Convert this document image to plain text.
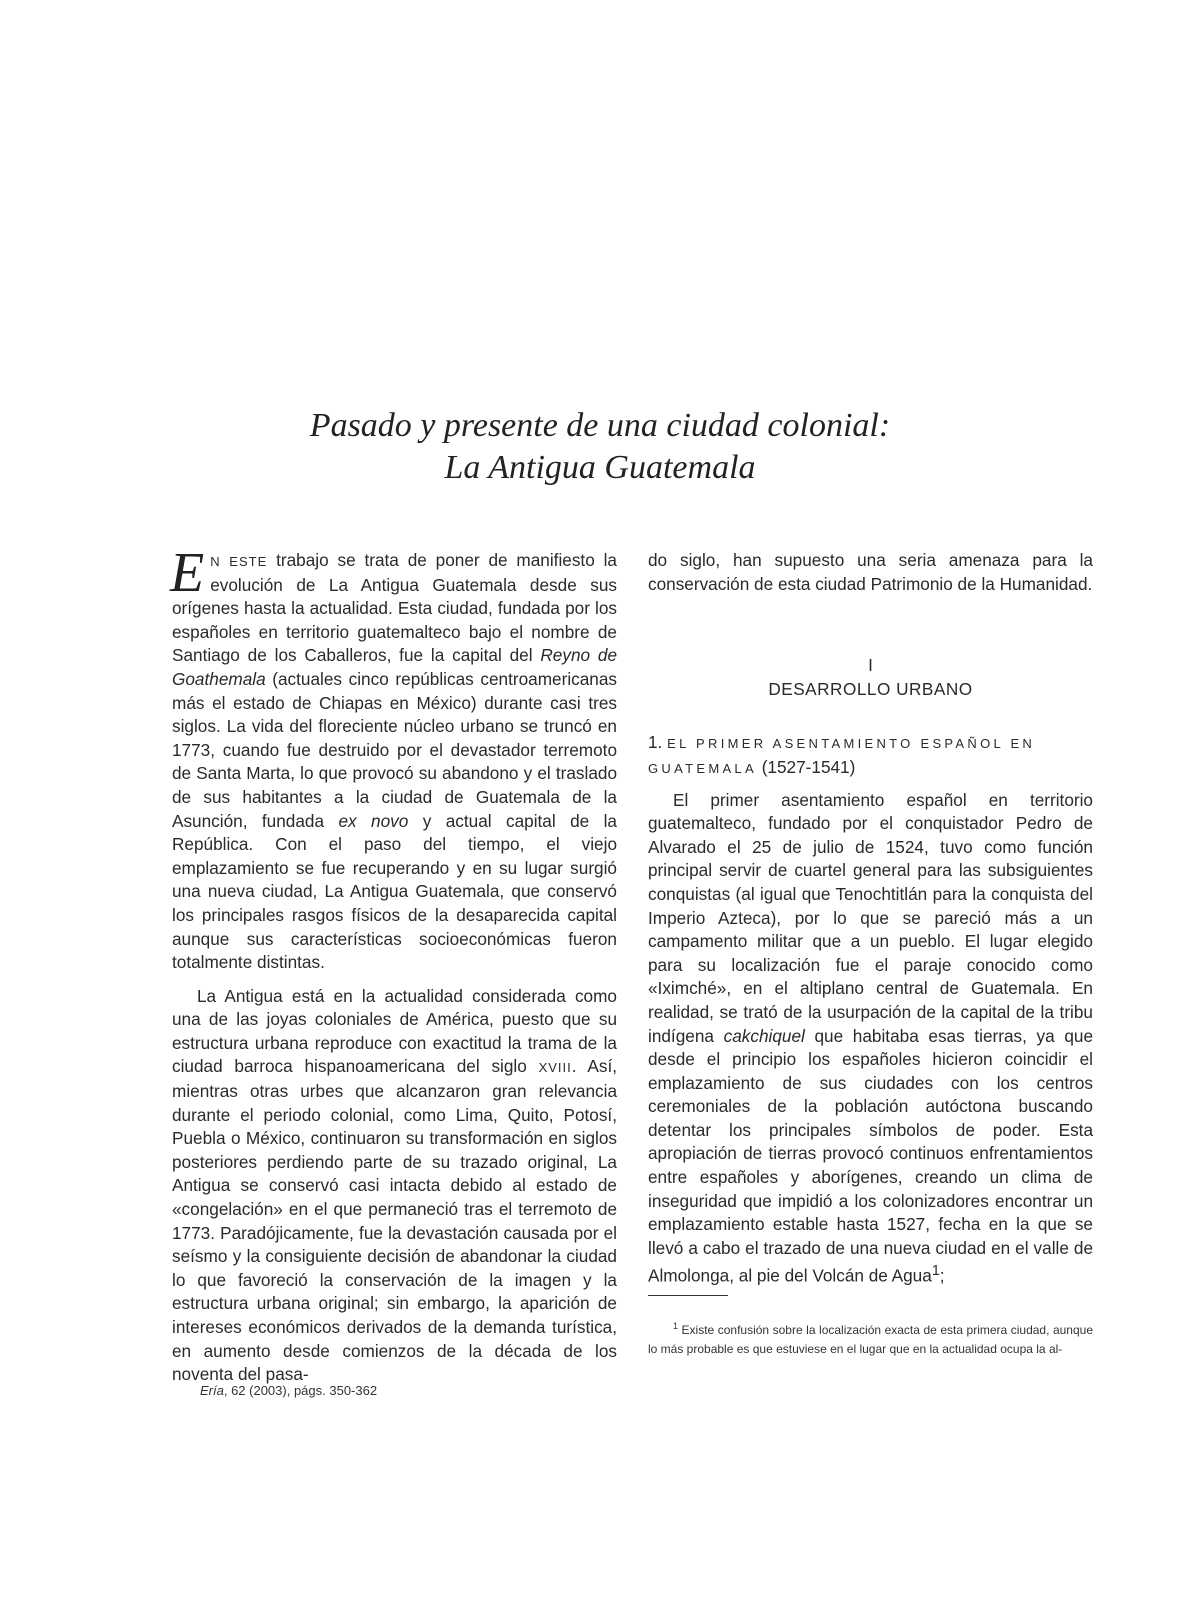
Pasado y presente de una ciudad colonial:
La Antigua Guatemala

EN ESTE trabajo se trata de poner de manifiesto la evolución de La Antigua Guatemala desde sus orígenes hasta la actualidad. Esta ciudad, fundada por los españoles en territorio guatemalteco bajo el nombre de Santiago de los Caballeros, fue la capital del Reyno de Goathemala (actuales cinco repúblicas centroamericanas más el estado de Chiapas en México) durante casi tres siglos. La vida del floreciente núcleo urbano se truncó en 1773, cuando fue destruido por el devastador terremoto de Santa Marta, lo que provocó su abandono y el traslado de sus habitantes a la ciudad de Guatemala de la Asunción, fundada ex novo y actual capital de la República. Con el paso del tiempo, el viejo emplazamiento se fue recuperando y en su lugar surgió una nueva ciudad, La Antigua Guatemala, que conservó los principales rasgos físicos de la desaparecida capital aunque sus características socioeconómicas fueron totalmente distintas.

La Antigua está en la actualidad considerada como una de las joyas coloniales de América, puesto que su estructura urbana reproduce con exactitud la trama de la ciudad barroca hispanoamericana del siglo XVIII. Así, mientras otras urbes que alcanzaron gran relevancia durante el periodo colonial, como Lima, Quito, Potosí, Puebla o México, continuaron su transformación en siglos posteriores perdiendo parte de su trazado original, La Antigua se conservó casi intacta debido al estado de «congelación» en el que permaneció tras el terremoto de 1773. Paradójicamente, fue la devastación causada por el seísmo y la consiguiente decisión de abandonar la ciudad lo que favoreció la conservación de la imagen y la estructura urbana original; sin embargo, la aparición de intereses económicos derivados de la demanda turística, en aumento desde comienzos de la década de los noventa del pasa-

do siglo, han supuesto una seria amenaza para la conservación de esta ciudad Patrimonio de la Humanidad.

I
DESARROLLO URBANO
1. EL PRIMER ASENTAMIENTO ESPAÑOL EN GUATEMALA (1527-1541)

El primer asentamiento español en territorio guatemalteco, fundado por el conquistador Pedro de Alvarado el 25 de julio de 1524, tuvo como función principal servir de cuartel general para las subsiguientes conquistas (al igual que Tenochtitlán para la conquista del Imperio Azteca), por lo que se pareció más a un campamento militar que a un pueblo. El lugar elegido para su localización fue el paraje conocido como «Iximché», en el altiplano central de Guatemala. En realidad, se trató de la usurpación de la capital de la tribu indígena cakchiquel que habitaba esas tierras, ya que desde el principio los españoles hicieron coincidir el emplazamiento de sus ciudades con los centros ceremoniales de la población autóctona buscando detentar los principales símbolos de poder. Esta apropiación de tierras provocó continuos enfrentamientos entre españoles y aborígenes, creando un clima de inseguridad que impidió a los colonizadores encontrar un emplazamiento estable hasta 1527, fecha en la que se llevó a cabo el trazado de una nueva ciudad en el valle de Almolonga, al pie del Volcán de Agua$^1$;

$^1$ Existe confusión sobre la localización exacta de esta primera ciudad, aunque lo más probable es que estuviese en el lugar que en la actualidad ocupa la al-
Ería, 62 (2003), págs. 350-362
